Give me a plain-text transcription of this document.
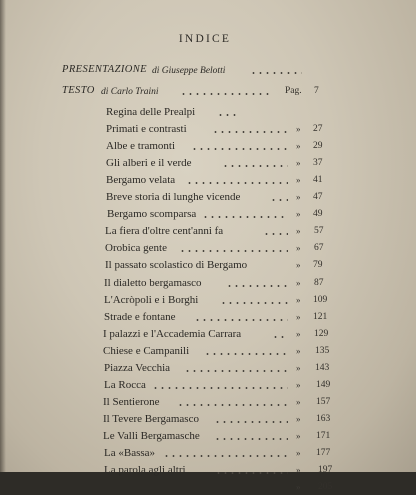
INDICE
PRESENTAZIONE di Giuseppe Belotti
TESTO di Carlo Traini	Pag. 7
Regina delle Prealpi
Primati e contrasti	» 27
Albe e tramonti	» 29
Gli alberi e il verde	» 37
Bergamo velata	» 41
Breve storia di lunghe vicende	» 47
Bergamo scomparsa	» 49
La fiera d'oltre cent'anni fa	» 57
Orobica gente	» 67
Il passato scolastico di Bergamo	» 79
Il dialetto bergamasco	» 87
L'Acròpoli e i Borghi	» 109
Strade e fontane	» 121
I palazzi e l'Accademia Carrara	» 129
Chiese e Campanili	» 135
Piazza Vecchia	» 143
La Rocca	» 149
Il Sentierone	» 157
Il Tevere Bergamasco	» 163
Le Valli Bergamasche	» 171
La «Bassa»	» 177
La parola agli altri	» 197
» 205
